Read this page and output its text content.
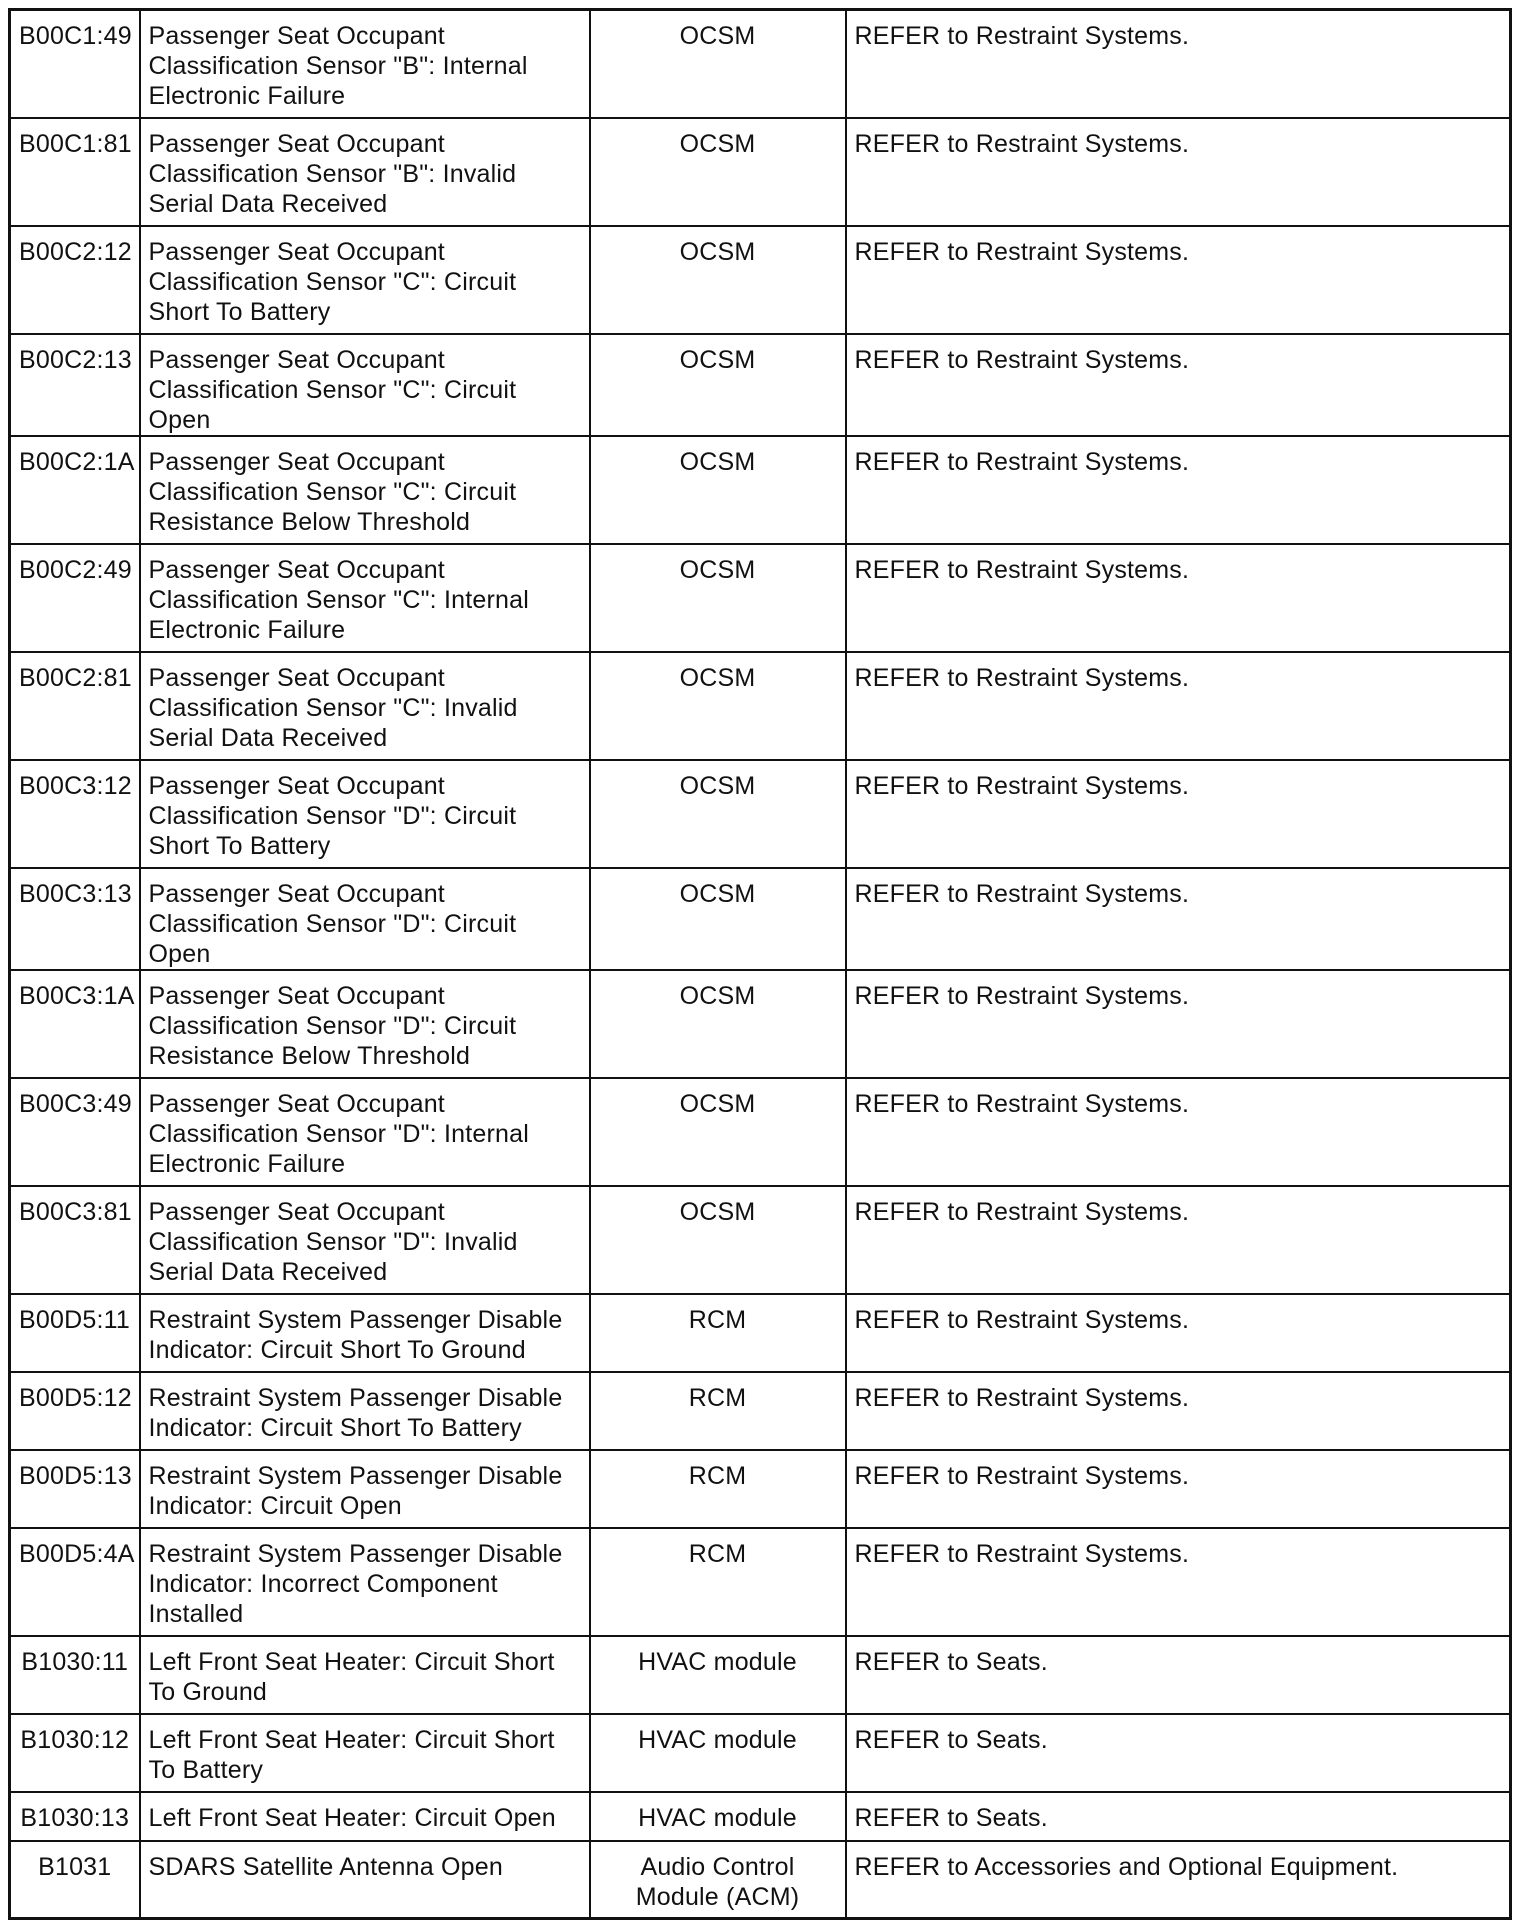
B00C1:49	Passenger Seat Occupant Classification Sensor "B": Internal Electronic Failure	OCSM	REFER to Restraint Systems.
B00C1:81	Passenger Seat Occupant Classification Sensor "B": Invalid Serial Data Received	OCSM	REFER to Restraint Systems.
B00C2:12	Passenger Seat Occupant Classification Sensor "C": Circuit Short To Battery	OCSM	REFER to Restraint Systems.
B00C2:13	Passenger Seat Occupant Classification Sensor "C": Circuit Open	OCSM	REFER to Restraint Systems.
B00C2:1A	Passenger Seat Occupant Classification Sensor "C": Circuit Resistance Below Threshold	OCSM	REFER to Restraint Systems.
B00C2:49	Passenger Seat Occupant Classification Sensor "C": Internal Electronic Failure	OCSM	REFER to Restraint Systems.
B00C2:81	Passenger Seat Occupant Classification Sensor "C": Invalid Serial Data Received	OCSM	REFER to Restraint Systems.
B00C3:12	Passenger Seat Occupant Classification Sensor "D": Circuit Short To Battery	OCSM	REFER to Restraint Systems.
B00C3:13	Passenger Seat Occupant Classification Sensor "D": Circuit Open	OCSM	REFER to Restraint Systems.
B00C3:1A	Passenger Seat Occupant Classification Sensor "D": Circuit Resistance Below Threshold	OCSM	REFER to Restraint Systems.
B00C3:49	Passenger Seat Occupant Classification Sensor "D": Internal Electronic Failure	OCSM	REFER to Restraint Systems.
B00C3:81	Passenger Seat Occupant Classification Sensor "D": Invalid Serial Data Received	OCSM	REFER to Restraint Systems.
B00D5:11	Restraint System Passenger Disable Indicator: Circuit Short To Ground	RCM	REFER to Restraint Systems.
B00D5:12	Restraint System Passenger Disable Indicator: Circuit Short To Battery	RCM	REFER to Restraint Systems.
B00D5:13	Restraint System Passenger Disable Indicator: Circuit Open	RCM	REFER to Restraint Systems.
B00D5:4A	Restraint System Passenger Disable Indicator: Incorrect Component Installed	RCM	REFER to Restraint Systems.
B1030:11	Left Front Seat Heater: Circuit Short To Ground	HVAC module	REFER to Seats.
B1030:12	Left Front Seat Heater: Circuit Short To Battery	HVAC module	REFER to Seats.
B1030:13	Left Front Seat Heater: Circuit Open	HVAC module	REFER to Seats.
B1031	SDARS Satellite Antenna Open	Audio Control Module (ACM)	REFER to Accessories and Optional Equipment.
